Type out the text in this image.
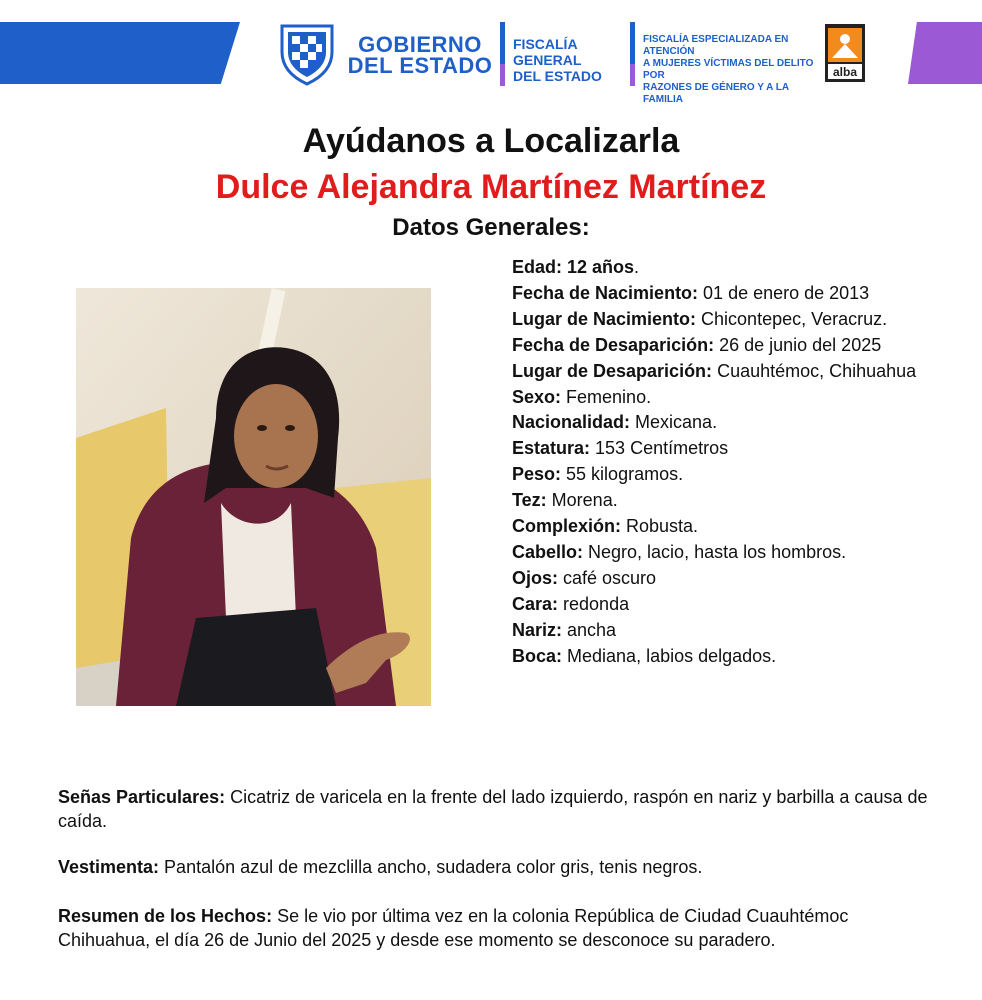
GOBIERNO
DEL ESTADO
FISCALÍA GENERAL
DEL ESTADO
FISCALÍA ESPECIALIZADA EN ATENCIÓN
A MUJERES VÍCTIMAS DEL DELITO POR
RAZONES DE GÉNERO Y A LA FAMILIA
alba
Ayúdanos a Localizarla
Dulce Alejandra Martínez Martínez
Datos Generales:
Edad: 12 años.
Fecha de Nacimiento: 01 de enero de 2013
Lugar de Nacimiento: Chicontepec, Veracruz.
Fecha de Desaparición: 26 de junio del 2025
Lugar de Desaparición: Cuauhtémoc, Chihuahua
Sexo: Femenino.
Nacionalidad: Mexicana.
Estatura: 153 Centímetros
Peso: 55 kilogramos.
Tez: Morena.
Complexión: Robusta.
Cabello: Negro, lacio, hasta los hombros.
Ojos: café oscuro
Cara: redonda
Nariz: ancha
Boca: Mediana, labios delgados.
Señas Particulares: Cicatriz de varicela en la frente del lado izquierdo, raspón en nariz y barbilla a causa de caída.
Vestimenta: Pantalón azul de mezclilla ancho, sudadera color gris, tenis negros.
Resumen de los Hechos: Se le vio por última vez en la colonia República de Ciudad Cuauhtémoc Chihuahua, el día 26 de Junio del 2025 y desde ese momento se desconoce su paradero.
